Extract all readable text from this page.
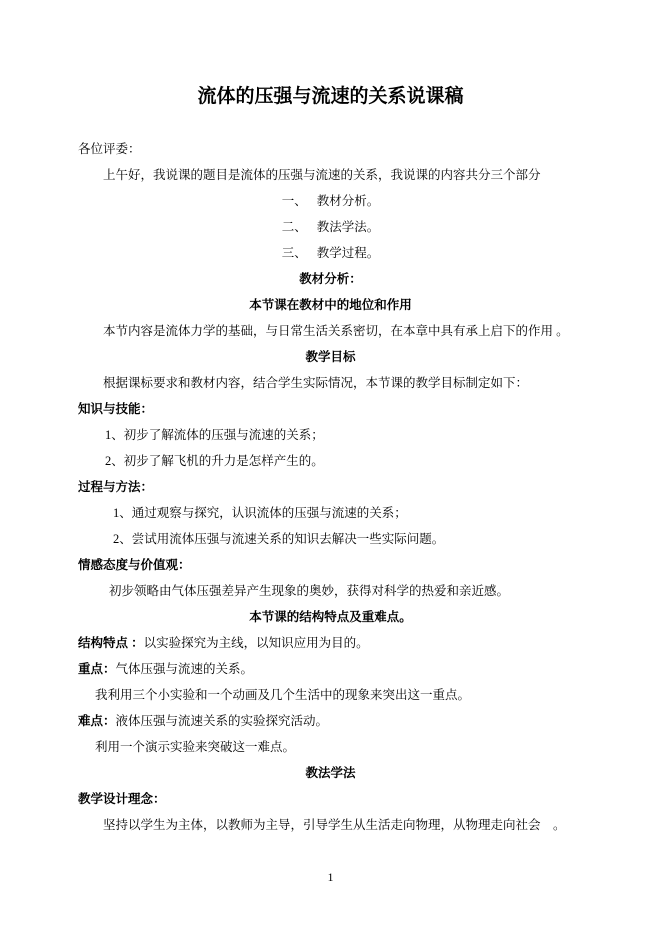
流体的压强与流速的关系说课稿
各位评委：
上午好，我说课的题目是流体的压强与流速的关系，我说课的内容共分三个部分
一、 教材分析。
二、 教法学法。
三、 教学过程。
教材分析：
本节课在教材中的地位和作用
本节内容是流体力学的基础，与日常生活关系密切，在本章中具有承上启下的作用 。
教学目标
根据课标要求和教材内容，结合学生实际情况，本节课的教学目标制定如下：
知识与技能：
1、初步了解流体的压强与流速的关系；
2、初步了解飞机的升力是怎样产生的。
过程与方法：
1、通过观察与探究，认识流体的压强与流速的关系；
2、尝试用流体压强与流速关系的知识去解决一些实际问题。
情感态度与价值观：
初步领略由气体压强差异产生现象的奥妙，获得对科学的热爱和亲近感。
本节课的结构特点及重难点。
结构特点 ：以实验探究为主线，以知识应用为目的。
重点：气体压强与流速的关系。
我利用三个小实验和一个动画及几个生活中的现象来突出这一重点。
难点：液体压强与流速关系的实验探究活动。
利用一个演示实验来突破这一难点。
教法学法
教学设计理念：
坚持以学生为主体，以教师为主导，引导学生从生活走向物理，从物理走向社会　。
1
